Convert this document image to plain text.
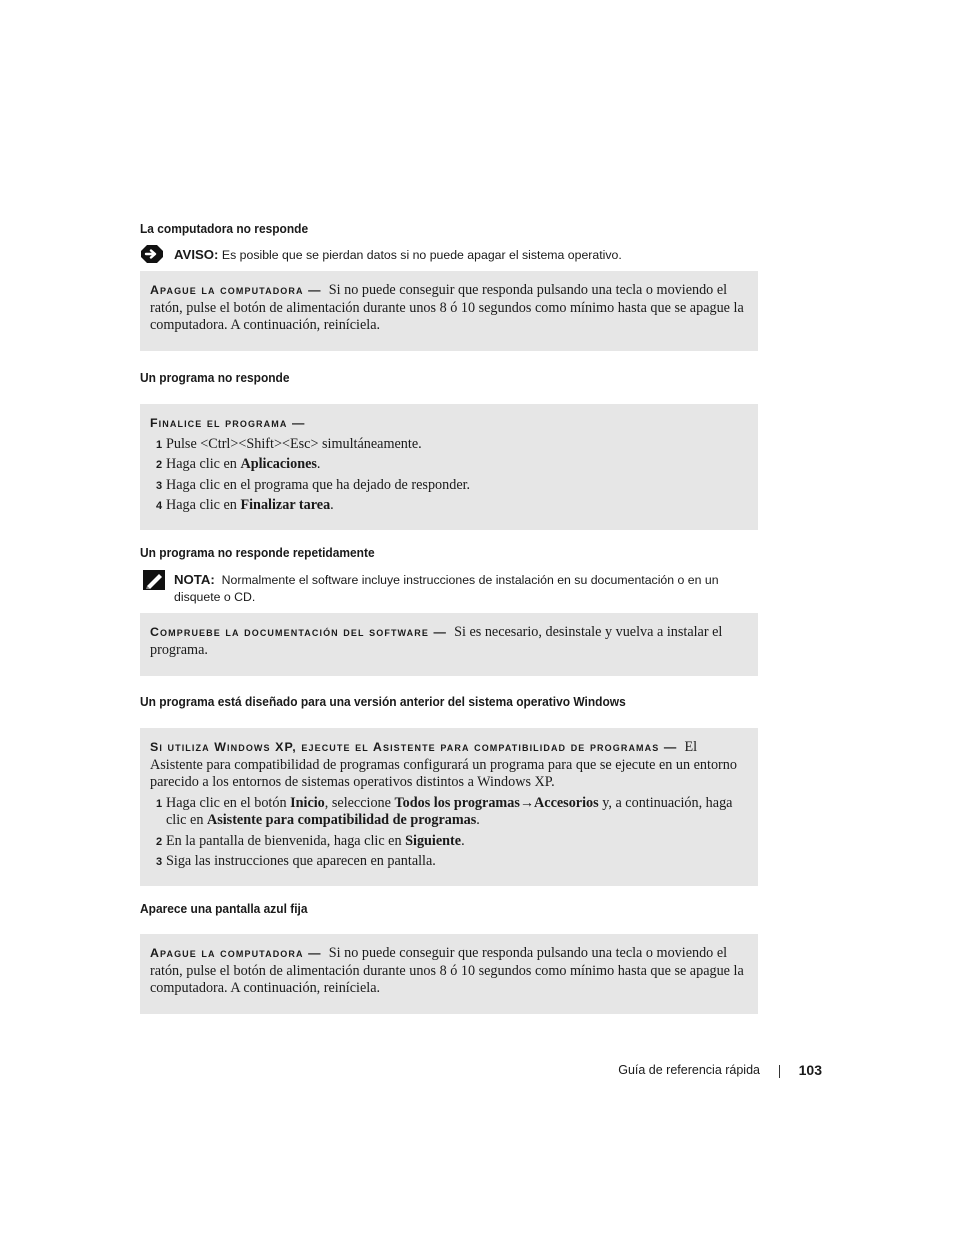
La computadora no responde
AVISO: Es posible que se pierdan datos si no puede apagar el sistema operativo.
Apague la computadora — Si no puede conseguir que responda pulsando una tecla o moviendo el ratón, pulse el botón de alimentación durante unos 8 ó 10 segundos como mínimo hasta que se apague la computadora. A continuación, reiníciela.
Un programa no responde
Finalice el programa —
1 Pulse <Ctrl><Shift><Esc> simultáneamente.
2 Haga clic en Aplicaciones.
3 Haga clic en el programa que ha dejado de responder.
4 Haga clic en Finalizar tarea.
Un programa no responde repetidamente
NOTA: Normalmente el software incluye instrucciones de instalación en su documentación o en un disquete o CD.
Compruebe la documentación del software — Si es necesario, desinstale y vuelva a instalar el programa.
Un programa está diseñado para una versión anterior del sistema operativo Windows
Si utiliza Windows XP, ejecute el Asistente para compatibilidad de programas — El Asistente para compatibilidad de programas configurará un programa para que se ejecute en un entorno parecido a los entornos de sistemas operativos distintos a Windows XP.
1 Haga clic en el botón Inicio, seleccione Todos los programas→Accesorios y, a continuación, haga clic en Asistente para compatibilidad de programas.
2 En la pantalla de bienvenida, haga clic en Siguiente.
3 Siga las instrucciones que aparecen en pantalla.
Aparece una pantalla azul fija
Apague la computadora — Si no puede conseguir que responda pulsando una tecla o moviendo el ratón, pulse el botón de alimentación durante unos 8 ó 10 segundos como mínimo hasta que se apague la computadora. A continuación, reiníciela.
Guía de referencia rápida	103
